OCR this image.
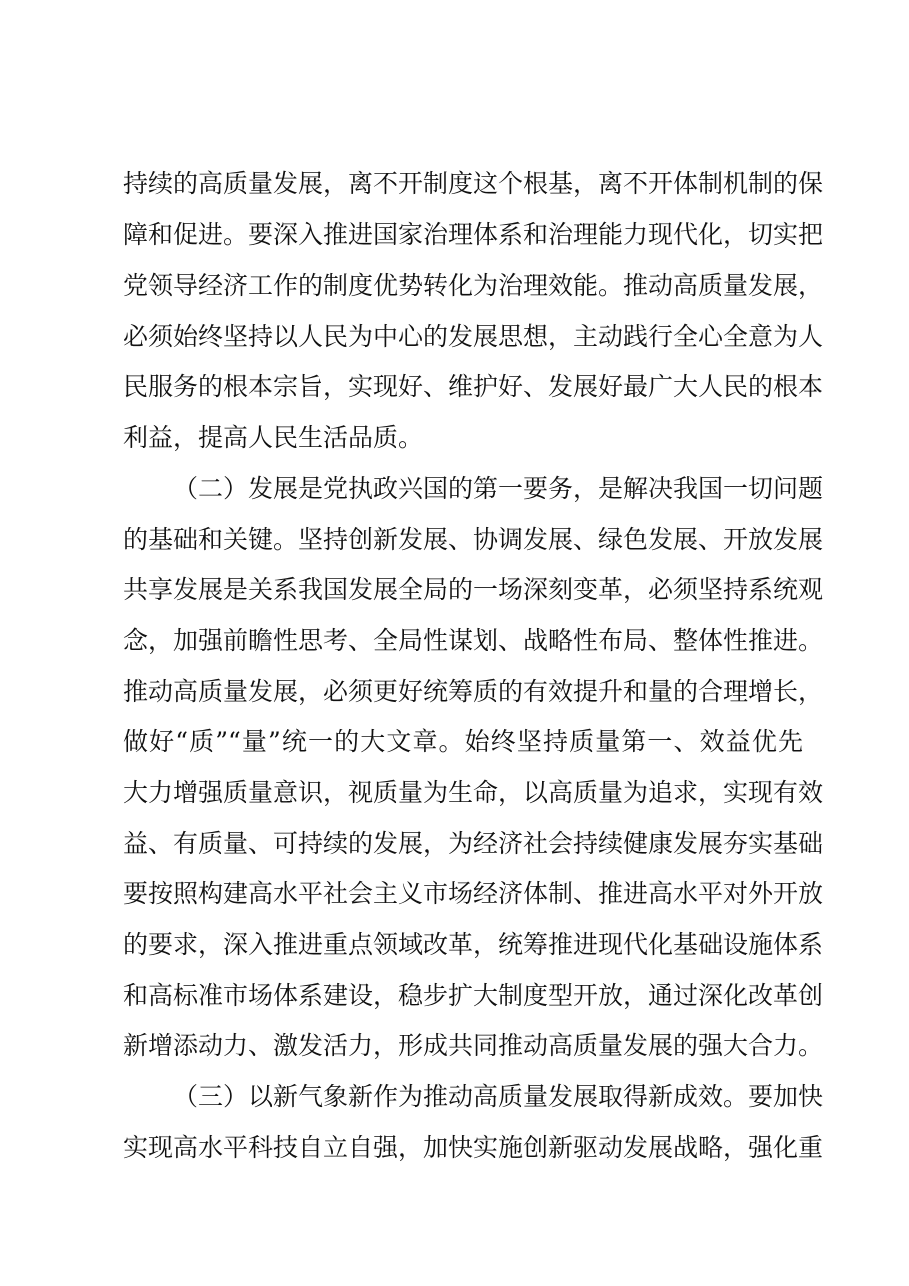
持续的高质量发展，离不开制度这个根基，离不开体制机制的保
障和促进。要深入推进国家治理体系和治理能力现代化，切实把
党领导经济工作的制度优势转化为治理效能。推动高质量发展，
必须始终坚持以人民为中心的发展思想，主动践行全心全意为人
民服务的根本宗旨，实现好、维护好、发展好最广大人民的根本
利益，提高人民生活品质。
（二）发展是党执政兴国的第一要务，是解决我国一切问题
的基础和关键。坚持创新发展、协调发展、绿色发展、开放发展
共享发展是关系我国发展全局的一场深刻变革，必须坚持系统观
念，加强前瞻性思考、全局性谋划、战略性布局、整体性推进。
推动高质量发展，必须更好统筹质的有效提升和量的合理增长，
做好“质”“量”统一的大文章。始终坚持质量第一、效益优先
大力增强质量意识，视质量为生命，以高质量为追求，实现有效
益、有质量、可持续的发展，为经济社会持续健康发展夯实基础
要按照构建高水平社会主义市场经济体制、推进高水平对外开放
的要求，深入推进重点领域改革，统筹推进现代化基础设施体系
和高标准市场体系建设，稳步扩大制度型开放，通过深化改革创
新增添动力、激发活力，形成共同推动高质量发展的强大合力。
（三）以新气象新作为推动高质量发展取得新成效。要加快
实现高水平科技自立自强，加快实施创新驱动发展战略，强化重
